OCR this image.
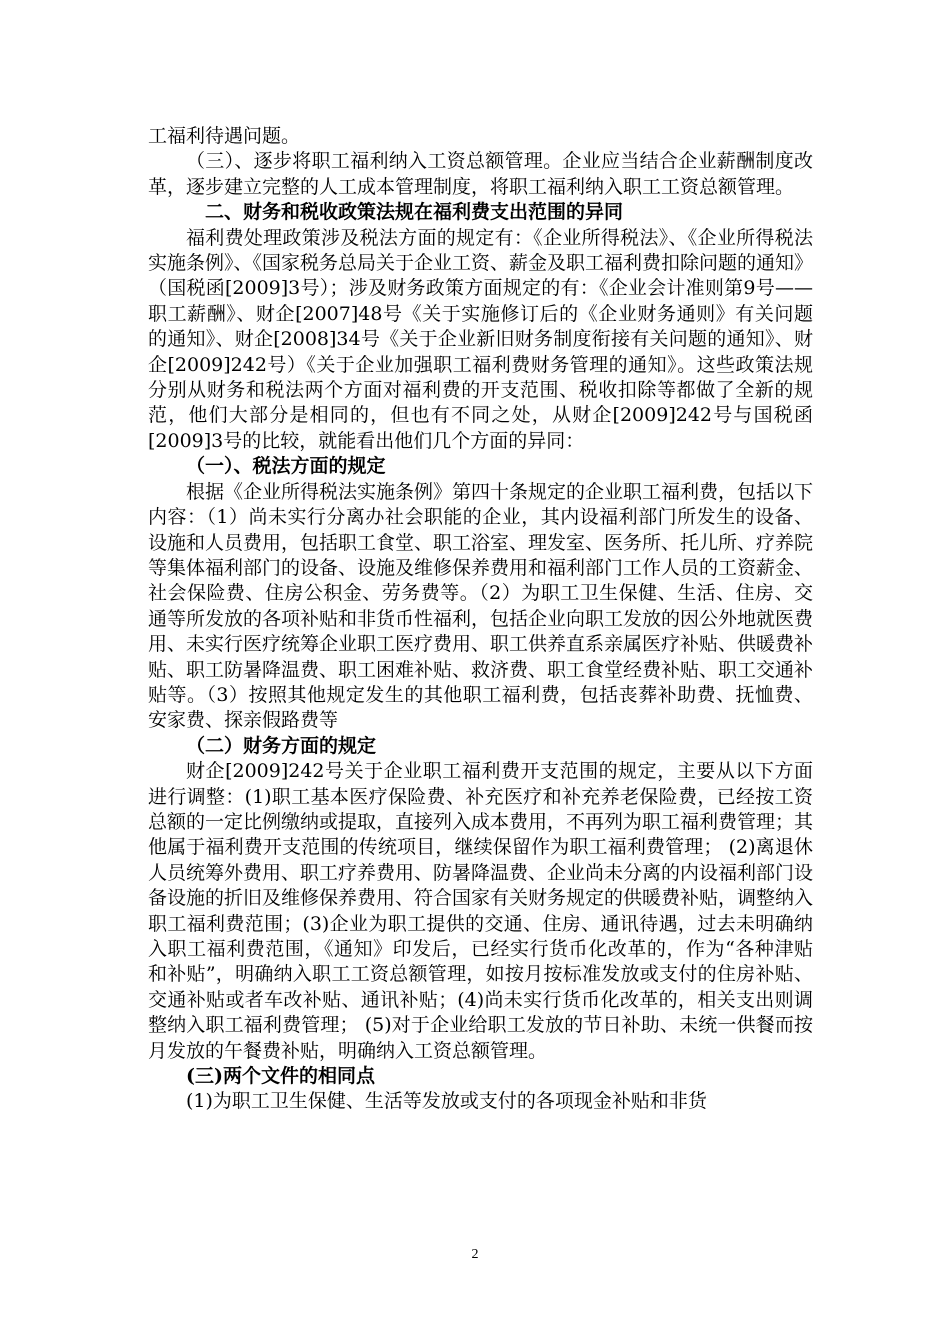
工福利待遇问题。

（三）、逐步将职工福利纳入工资总额管理。企业应当结合企业薪酬制度改革，逐步建立完整的人工成本管理制度，将职工福利纳入职工工资总额管理。

二、财务和税收政策法规在福利费支出范围的异同

福利费处理政策涉及税法方面的规定有：《企业所得税法》、《企业所得税法实施条例》、《国家税务总局关于企业工资、薪金及职工福利费扣除问题的通知》（国税函[2009]3号）；涉及财务政策方面规定的有：《企业会计准则第9号——职工薪酬》、财企[2007]48号《关于实施修订后的《企业财务通则》有关问题的通知》、财企[2008]34号《关于企业新旧财务制度衔接有关问题的通知》、财企[2009]242号）《关于企业加强职工福利费财务管理的通知》。这些政策法规分别从财务和税法两个方面对福利费的开支范围、税收扣除等都做了全新的规范，他们大部分是相同的，但也有不同之处，从财企[2009]242号与国税函[2009]3号的比较，就能看出他们几个方面的异同：

（一）、税法方面的规定

根据《企业所得税法实施条例》第四十条规定的企业职工福利费，包括以下内容：（1）尚未实行分离办社会职能的企业，其内设福利部门所发生的设备、设施和人员费用，包括职工食堂、职工浴室、理发室、医务所、托儿所、疗养院等集体福利部门的设备、设施及维修保养费用和福利部门工作人员的工资薪金、社会保险费、住房公积金、劳务费等。（2）为职工卫生保健、生活、住房、交通等所发放的各项补贴和非货币性福利，包括企业向职工发放的因公外地就医费用、未实行医疗统筹企业职工医疗费用、职工供养直系亲属医疗补贴、供暖费补贴、职工防暑降温费、职工困难补贴、救济费、职工食堂经费补贴、职工交通补贴等。（3）按照其他规定发生的其他职工福利费，包括丧葬补助费、抚恤费、安家费、探亲假路费等

（二）财务方面的规定

财企[2009]242号关于企业职工福利费开支范围的规定，主要从以下方面进行调整：(1)职工基本医疗保险费、补充医疗和补充养老保险费，已经按工资总额的一定比例缴纳或提取，直接列入成本费用，不再列为职工福利费管理；其他属于福利费开支范围的传统项目，继续保留作为职工福利费管理； (2)离退休人员统筹外费用、职工疗养费用、防暑降温费、企业尚未分离的内设福利部门设备设施的折旧及维修保养费用、符合国家有关财务规定的供暖费补贴，调整纳入职工福利费范围；(3)企业为职工提供的交通、住房、通讯待遇，过去未明确纳入职工福利费范围，《通知》印发后，已经实行货币化改革的，作为“各种津贴和补贴”，明确纳入职工工资总额管理，如按月按标准发放或支付的住房补贴、交通补贴或者车改补贴、通讯补贴；(4)尚未实行货币化改革的，相关支出则调整纳入职工福利费管理； (5)对于企业给职工发放的节日补助、未统一供餐而按月发放的午餐费补贴，明确纳入工资总额管理。

(三)两个文件的相同点

(1)为职工卫生保健、生活等发放或支付的各项现金补贴和非货

2
